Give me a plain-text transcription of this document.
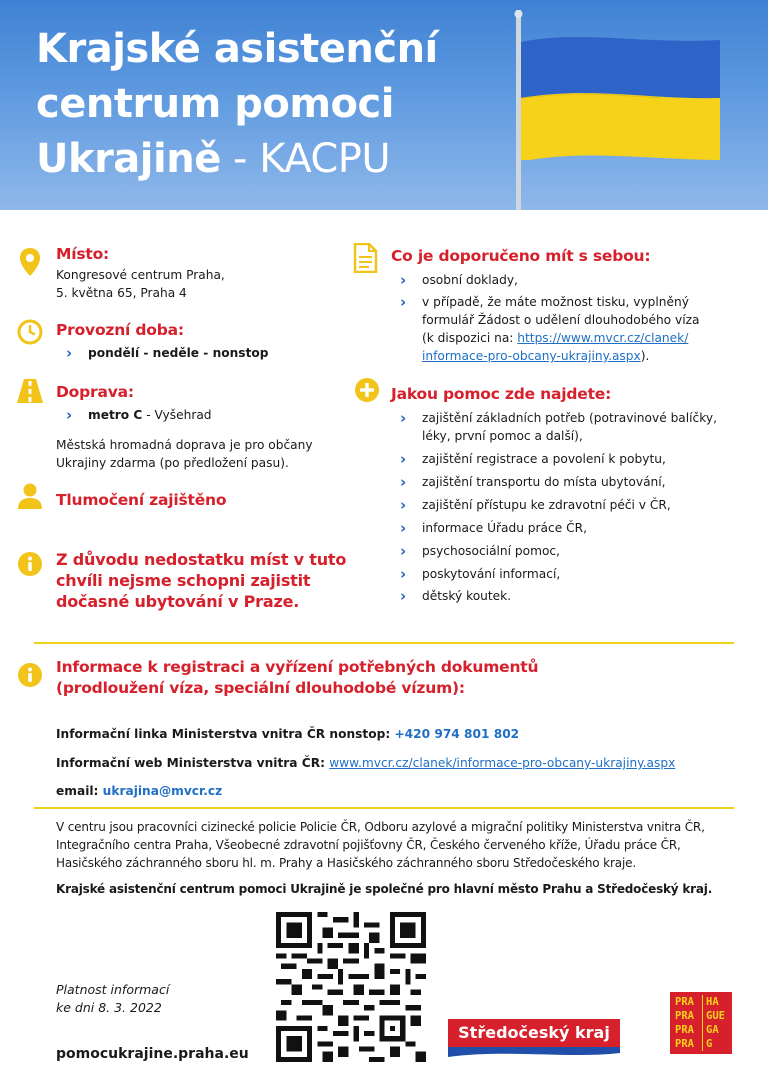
Krajské asistenční
centrum pomoci
Ukrajině - KACPU
Místo:
Kongresové centrum Praha,
5. května 65, Praha 4
Provozní doba:
› pondělí - neděle - nonstop
Doprava:
› metro C - Vyšehrad
Městská hromadná doprava je pro občany
Ukrajiny zdarma (po předložení pasu).
Tlumočení zajištěno
Z důvodu nedostatku míst v tuto
chvíli nejsme schopni zajistit
dočasné ubytování v Praze.
Co je doporučeno mít s sebou:
› osobní doklady,
› v případě, že máte možnost tisku, vyplněný
formulář Žádost o udělení dlouhodobého víza
(k dispozici na: https://www.mvcr.cz/clanek/
informace-pro-obcany-ukrajiny.aspx).
Jakou pomoc zde najdete:
› zajištění základních potřeb (potravinové balíčky,
léky, první pomoc a další),
› zajištění registrace a povolení k pobytu,
› zajištění transportu do místa ubytování,
› zajištění přístupu ke zdravotní péči v ČR,
› informace Úřadu práce ČR,
› psychosociální pomoc,
› poskytování informací,
› dětský koutek.
Informace k registraci a vyřízení potřebných dokumentů
(prodloužení víza, speciální dlouhodobé vízum):
Informační linka Ministerstva vnitra ČR nonstop: +420 974 801 802
Informační web Ministerstva vnitra ČR: www.mvcr.cz/clanek/informace-pro-obcany-ukrajiny.aspx
email: ukrajina@mvcr.cz
V centru jsou pracovníci cizinecké policie Policie ČR, Odboru azylové a migrační politiky Ministerstva vnitra ČR,
Integračního centra Praha, Všeobecné zdravotní pojišťovny ČR, Českého červeného kříže, Úřadu práce ČR,
Hasičského záchranného sboru hl. m. Prahy a Hasičského záchranného sboru Středočeského kraje.
Krajské asistenční centrum pomoci Ukrajině je společné pro hlavní město Prahu a Středočeský kraj.
Platnost informací
ke dni 8. 3. 2022
pomocukrajine.praha.eu
Středočeský kraj
PRA	HA
PRA	GUE
PRA	GA
PRA	G
